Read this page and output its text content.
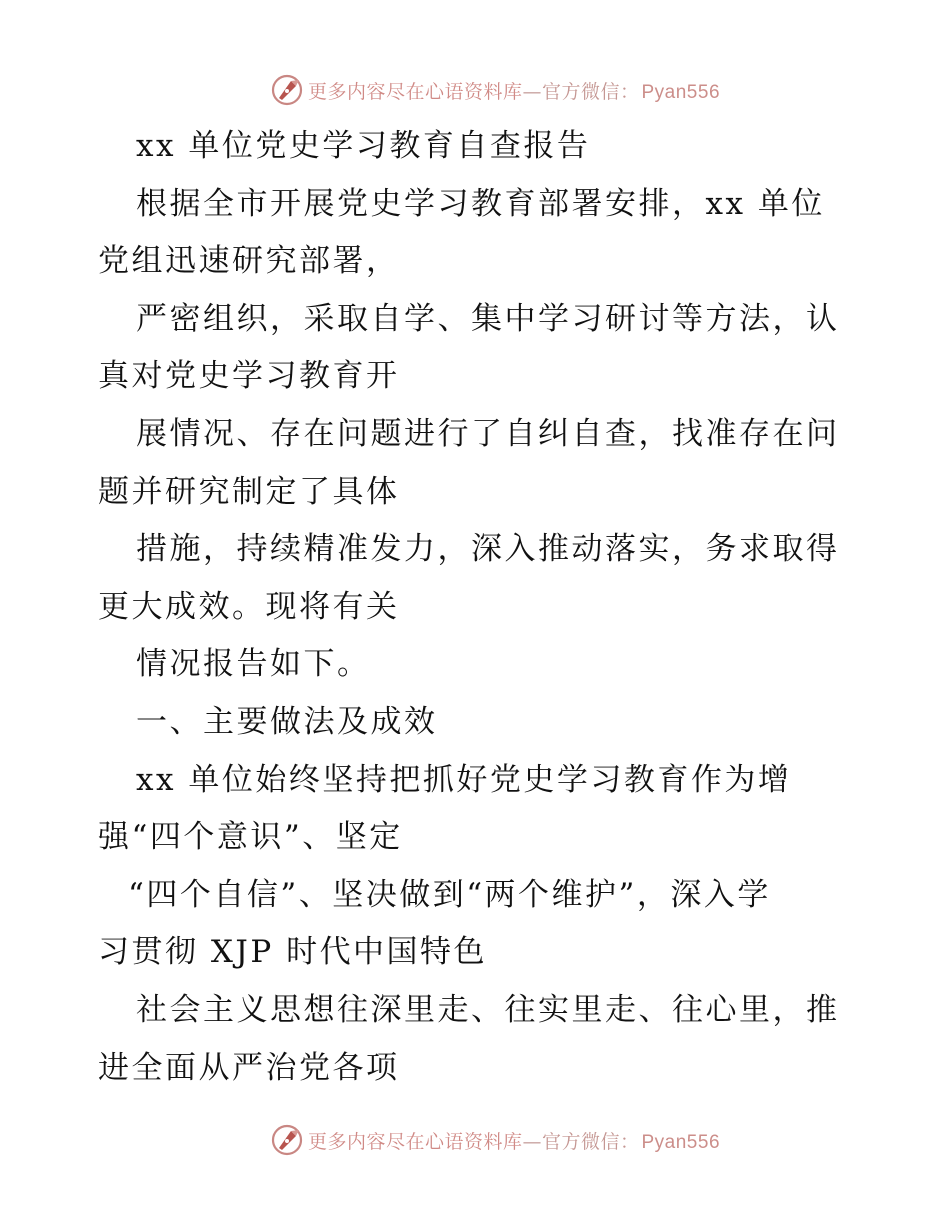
更多内容尽在心语资料库—官方微信： Pyan556
xx 单位党史学习教育自查报告
根据全市开展党史学习教育部署安排，xx 单位
党组迅速研究部署，
严密组织，采取自学、集中学习研讨等方法，认
真对党史学习教育开
展情况、存在问题进行了自纠自查，找准存在问
题并研究制定了具体
措施，持续精准发力，深入推动落实，务求取得
更大成效。现将有关
情况报告如下。
一、主要做法及成效
xx 单位始终坚持把抓好党史学习教育作为增
强“四个意识”、坚定
“四个自信”、坚决做到“两个维护”，深入学
习贯彻 XJP 时代中国特色
社会主义思想往深里走、往实里走、往心里，推
进全面从严治党各项
更多内容尽在心语资料库—官方微信： Pyan556
